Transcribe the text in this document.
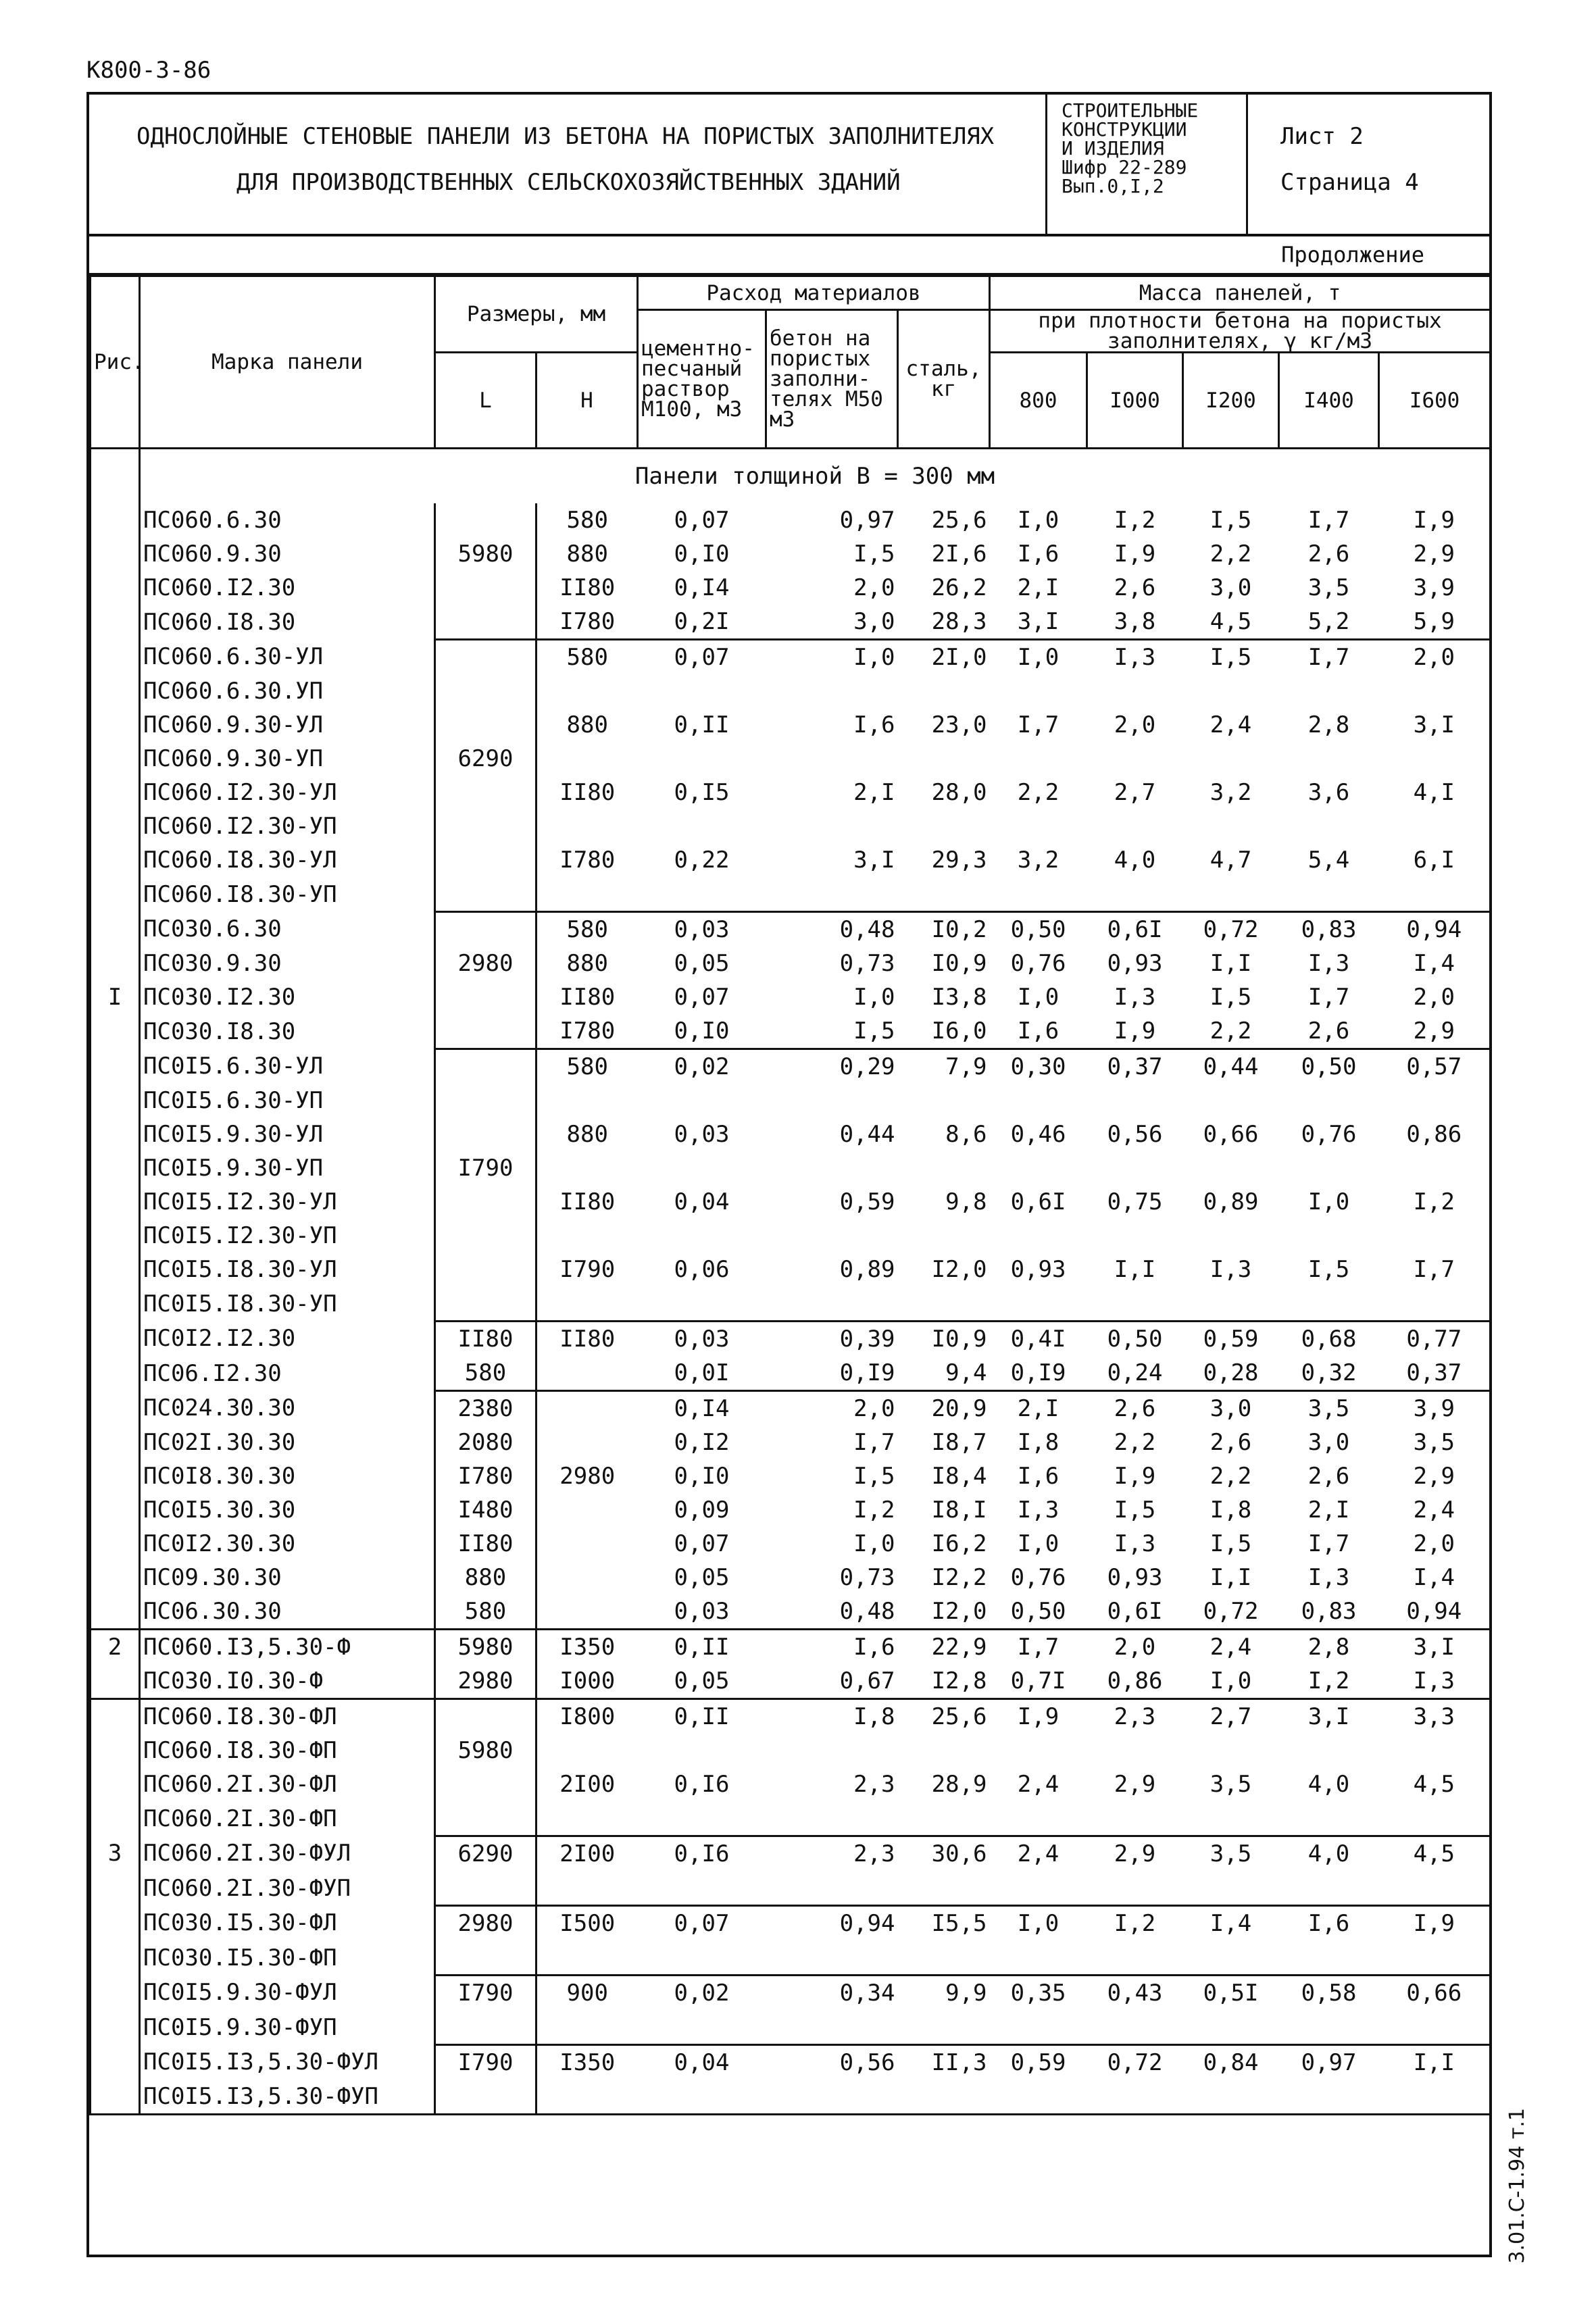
К800-3-86
ОДНОСЛОЙНЫЕ СТЕНОВЫЕ ПАНЕЛИ ИЗ БЕТОНА НА ПОРИСТЫХ ЗАПОЛНИТЕЛЯХ
ДЛЯ ПРОИЗВОДСТВЕННЫХ СЕЛЬСКОХОЗЯЙСТВЕННЫХ ЗДАНИЙ
СТРОИТЕЛЬНЫЕ
КОНСТРУКЦИИ
И ИЗДЕЛИЯ
Шифр 22-289
Вып.0,I,2
Лист 2
Страница 4
Продолжение
Рис.	Марка панели	Размеры, мм		Расход материалов			Масса панелей, т				
				цементно-песчаный раствор М100, м3	бетон на пористых заполни-телях М50 м3	сталь, кг	при плотности бетона на пористых заполнителях, γ кг/м3				
		L	H				800	I000	I200	I400	I600
	Панели толщиной В = 300 мм										
	ПС060.6.30		580	0,07	0,97	25,6	I,0	I,2	I,5	I,7	I,9
	ПС060.9.30	5980	880	0,I0	I,5	2I,6	I,6	I,9	2,2	2,6	2,9
	ПС060.I2.30		II80	0,I4	2,0	26,2	2,I	2,6	3,0	3,5	3,9
	ПС060.I8.30		I780	0,2I	3,0	28,3	3,I	3,8	4,5	5,2	5,9
	ПС060.6.30-УЛ		580	0,07	I,0	2I,0	I,0	I,3	I,5	I,7	2,0
	ПС060.6.30.УП										
	ПС060.9.30-УЛ		880	0,II	I,6	23,0	I,7	2,0	2,4	2,8	3,I
	ПС060.9.30-УП	6290									
	ПС060.I2.30-УЛ		II80	0,I5	2,I	28,0	2,2	2,7	3,2	3,6	4,I
	ПС060.I2.30-УП										
	ПС060.I8.30-УЛ		I780	0,22	3,I	29,3	3,2	4,0	4,7	5,4	6,I
	ПС060.I8.30-УП										
	ПС030.6.30		580	0,03	0,48	I0,2	0,50	0,6I	0,72	0,83	0,94
	ПС030.9.30	2980	880	0,05	0,73	I0,9	0,76	0,93	I,I	I,3	I,4
I	ПС030.I2.30		II80	0,07	I,0	I3,8	I,0	I,3	I,5	I,7	2,0
	ПС030.I8.30		I780	0,I0	I,5	I6,0	I,6	I,9	2,2	2,6	2,9
	ПС0I5.6.30-УЛ		580	0,02	0,29	7,9	0,30	0,37	0,44	0,50	0,57
	ПС0I5.6.30-УП										
	ПС0I5.9.30-УЛ		880	0,03	0,44	8,6	0,46	0,56	0,66	0,76	0,86
	ПС0I5.9.30-УП	I790									
	ПС0I5.I2.30-УЛ		II80	0,04	0,59	9,8	0,6I	0,75	0,89	I,0	I,2
	ПС0I5.I2.30-УП										
	ПС0I5.I8.30-УЛ		I790	0,06	0,89	I2,0	0,93	I,I	I,3	I,5	I,7
	ПС0I5.I8.30-УП										
	ПС0I2.I2.30	II80	II80	0,03	0,39	I0,9	0,4I	0,50	0,59	0,68	0,77
	ПС06.I2.30	580		0,0I	0,I9	9,4	0,I9	0,24	0,28	0,32	0,37
	ПС024.30.30	2380		0,I4	2,0	20,9	2,I	2,6	3,0	3,5	3,9
	ПС02I.30.30	2080		0,I2	I,7	I8,7	I,8	2,2	2,6	3,0	3,5
	ПС0I8.30.30	I780	2980	0,I0	I,5	I8,4	I,6	I,9	2,2	2,6	2,9
	ПС0I5.30.30	I480		0,09	I,2	I8,I	I,3	I,5	I,8	2,I	2,4
	ПС0I2.30.30	II80		0,07	I,0	I6,2	I,0	I,3	I,5	I,7	2,0
	ПС09.30.30	880		0,05	0,73	I2,2	0,76	0,93	I,I	I,3	I,4
	ПС06.30.30	580		0,03	0,48	I2,0	0,50	0,6I	0,72	0,83	0,94
2	ПС060.I3,5.30-Ф	5980	I350	0,II	I,6	22,9	I,7	2,0	2,4	2,8	3,I
	ПС030.I0.30-Ф	2980	I000	0,05	0,67	I2,8	0,7I	0,86	I,0	I,2	I,3
	ПС060.I8.30-ФЛ		I800	0,II	I,8	25,6	I,9	2,3	2,7	3,I	3,3
	ПС060.I8.30-ФП	5980									
	ПС060.2I.30-ФЛ		2I00	0,I6	2,3	28,9	2,4	2,9	3,5	4,0	4,5
	ПС060.2I.30-ФП										
3	ПС060.2I.30-ФУЛ	6290	2I00	0,I6	2,3	30,6	2,4	2,9	3,5	4,0	4,5
	ПС060.2I.30-ФУП										
	ПС030.I5.30-ФЛ	2980	I500	0,07	0,94	I5,5	I,0	I,2	I,4	I,6	I,9
	ПС030.I5.30-ФП										
	ПС0I5.9.30-ФУЛ	I790	900	0,02	0,34	9,9	0,35	0,43	0,5I	0,58	0,66
	ПС0I5.9.30-ФУП										
	ПС0I5.I3,5.30-ФУЛ	I790	I350	0,04	0,56	II,3	0,59	0,72	0,84	0,97	I,I
	ПС0I5.I3,5.30-ФУП										
3.01.С-1.94 т.1
